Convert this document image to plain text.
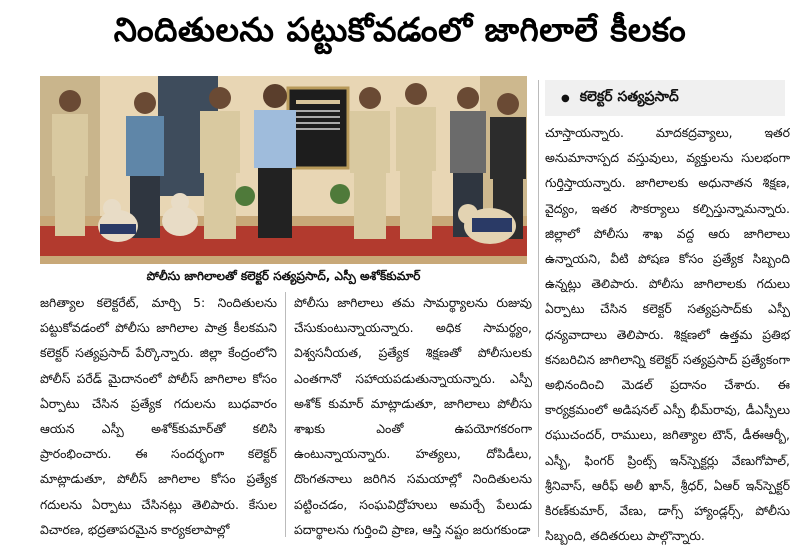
నిందితులను పట్టుకోవడంలో జాగిలాలే కీలకం
పోలీసు జాగిలాలతో కలెక్టర్ సత్యప్రసాద్, ఎస్పీ అశోక్‌కుమార్
● కలెక్టర్ సత్యప్రసాద్

జగిత్యాల కలెక్టరేట్, మార్చి 5: నిందితులను పట్టుకోవడంలో పోలీసు జాగిలాల పాత్ర కీలకమని కలెక్టర్ సత్యప్రసాద్ పేర్కొన్నారు. జిల్లా కేంద్రంలోని పోలీస్ పరేడ్ మైదానంలో పోలీస్ జాగిలాల కోసం ఏర్పాటు చేసిన ప్రత్యేక గదులను బుధవారం ఆయన ఎస్పీ అశోక్‌కుమార్‌తో కలిసి ప్రారంభించారు. ఈ సందర్భంగా కలెక్టర్ మాట్లాడుతూ, పోలీస్ జాగిలాల కోసం ప్రత్యేక గదులను ఏర్పాటు చేసినట్లు తెలిపారు. కేసుల విచారణ, భద్రతాపరమైన కార్యకలాపాల్లో

పోలీసు జాగిలాలు తమ సామర్థ్యాలను రుజువు చేసుకుంటున్నాయన్నారు. అధిక సామర్థ్యం, విశ్వసనీయత, ప్రత్యేక శిక్షణతో పోలీసులకు ఎంతగానో సహాయపడుతున్నాయన్నారు. ఎస్పీ అశోక్ కుమార్ మాట్లాడుతూ, జాగిలాలు పోలీసు శాఖకు ఎంతో ఉపయోగకరంగా ఉంటున్నాయన్నారు. హత్యలు, దోపిడీలు, దొంగతనాలు జరిగిన సమయాల్లో నిందితులను పట్టించడం, సంఘవిద్రోహులు అమర్చే పేలుడు పదార్థాలను గుర్తించి ప్రాణ, ఆస్తి నష్టం జరుగకుండా

చూస్తాయన్నారు. మాదకద్రవ్యాలు, ఇతర అనుమానాస్పద వస్తువులు, వ్యక్తులను సులభంగా గుర్తిస్తాయన్నారు. జాగిలాలకు అధునాతన శిక్షణ, వైద్యం, ఇతర సౌకర్యాలు కల్పిస్తున్నామన్నారు. జిల్లాలో పోలీసు శాఖ వద్ద ఆరు జాగిలాలు ఉన్నాయని, వీటి పోషణ కోసం ప్రత్యేక సిబ్బంది ఉన్నట్లు తెలిపారు. పోలీసు జాగిలాలకు గదులు ఏర్పాటు చేసిన కలెక్టర్ సత్యప్రసాద్‌కు ఎస్పీ ధన్యవాదాలు తెలిపారు. శిక్షణలో ఉత్తమ ప్రతిభ కనబరిచిన జాగిలాన్ని కలెక్టర్ సత్యప్రసాద్ ప్రత్యేకంగా అభినందించి మెడల్ ప్రదానం చేశారు. ఈ కార్యక్రమంలో అడిషనల్ ఎస్పీ భీమ్‌రావు, డీఎస్పీలు రఘుచందర్, రాములు, జగిత్యాల టౌన్, డీఈఆర్బీ, ఎస్బీ, ఫింగర్ ప్రింట్స్ ఇన్‌స్పెక్టర్లు వేణుగోపాల్, శ్రీనివాస్, ఆరీఫ్ అలీ ఖాన్, శ్రీధర్, ఏఆర్ ఇన్‌స్పెక్టర్ కిరణ్‌కుమార్, వేణు, డాగ్స్ హ్యాండ్లర్స్, పోలీసు సిబ్బంది, తదితరులు పాల్గొన్నారు.
